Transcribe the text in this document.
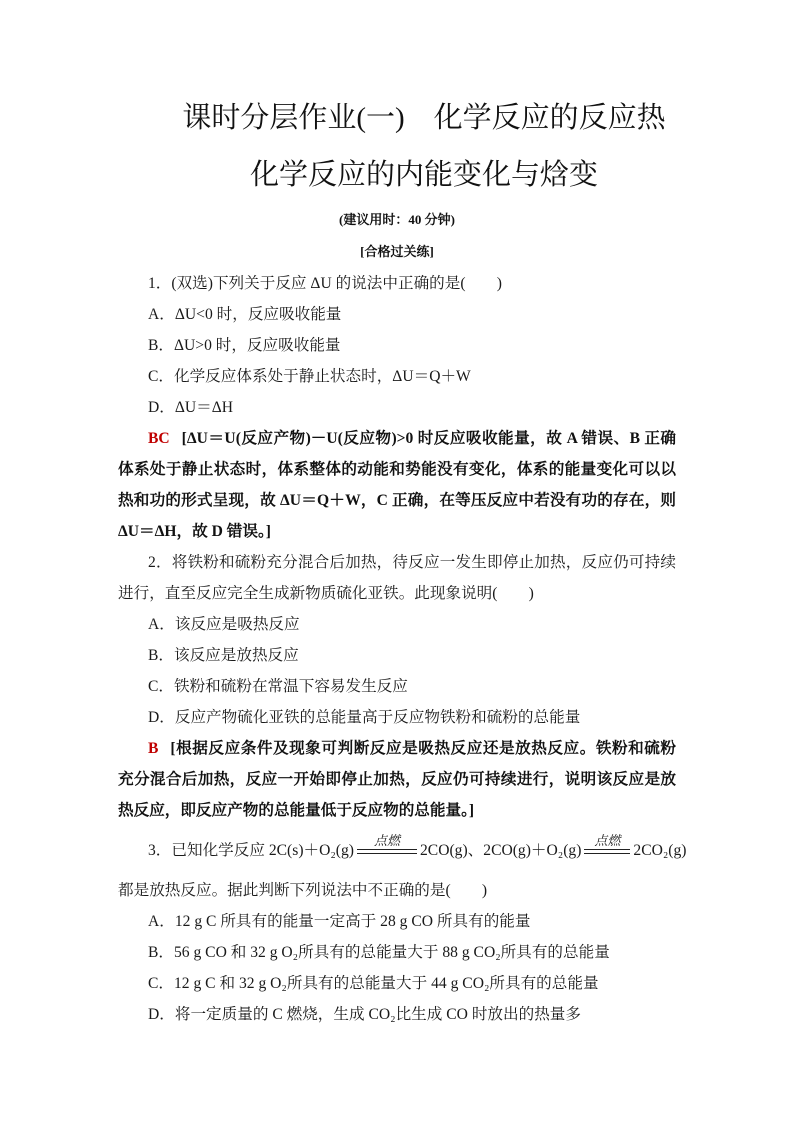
课时分层作业(一)　化学反应的反应热
化学反应的内能变化与焓变
(建议用时：40 分钟)
[合格过关练]
1．(双选)下列关于反应 ΔU 的说法中正确的是(　　)
A．ΔU<0 时，反应吸收能量
B．ΔU>0 时，反应吸收能量
C．化学反应体系处于静止状态时，ΔU＝Q＋W
D．ΔU＝ΔH
BC [ΔU＝U(反应产物)－U(反应物)>0 时反应吸收能量，故 A 错误、B 正确
体系处于静止状态时，体系整体的动能和势能没有变化，体系的能量变化可以以
热和功的形式呈现，故 ΔU＝Q＋W，C 正确，在等压反应中若没有功的存在，则
ΔU＝ΔH，故 D 错误。]
2．将铁粉和硫粉充分混合后加热，待反应一发生即停止加热，反应仍可持续
进行，直至反应完全生成新物质硫化亚铁。此现象说明(　　)
A．该反应是吸热反应
B．该反应是放热反应
C．铁粉和硫粉在常温下容易发生反应
D．反应产物硫化亚铁的总能量高于反应物铁粉和硫粉的总能量
B [根据反应条件及现象可判断反应是吸热反应还是放热反应。铁粉和硫粉
充分混合后加热，反应一开始即停止加热，反应仍可持续进行，说明该反应是放
热反应，即反应产物的总能量低于反应物的总能量。]
3．已知化学反应 2C(s)＋O₂(g)
点燃
2CO(g)、2CO(g)＋O₂(g)
点燃
2CO₂(g)
都是放热反应。据此判断下列说法中不正确的是(　　)
A．12 g C 所具有的能量一定高于 28 g CO 所具有的能量
B．56 g CO 和 32 g O₂所具有的总能量大于 88 g CO₂所具有的总能量
C．12 g C 和 32 g O₂所具有的总能量大于 44 g CO₂所具有的总能量
D．将一定质量的 C 燃烧，生成 CO₂比生成 CO 时放出的热量多
